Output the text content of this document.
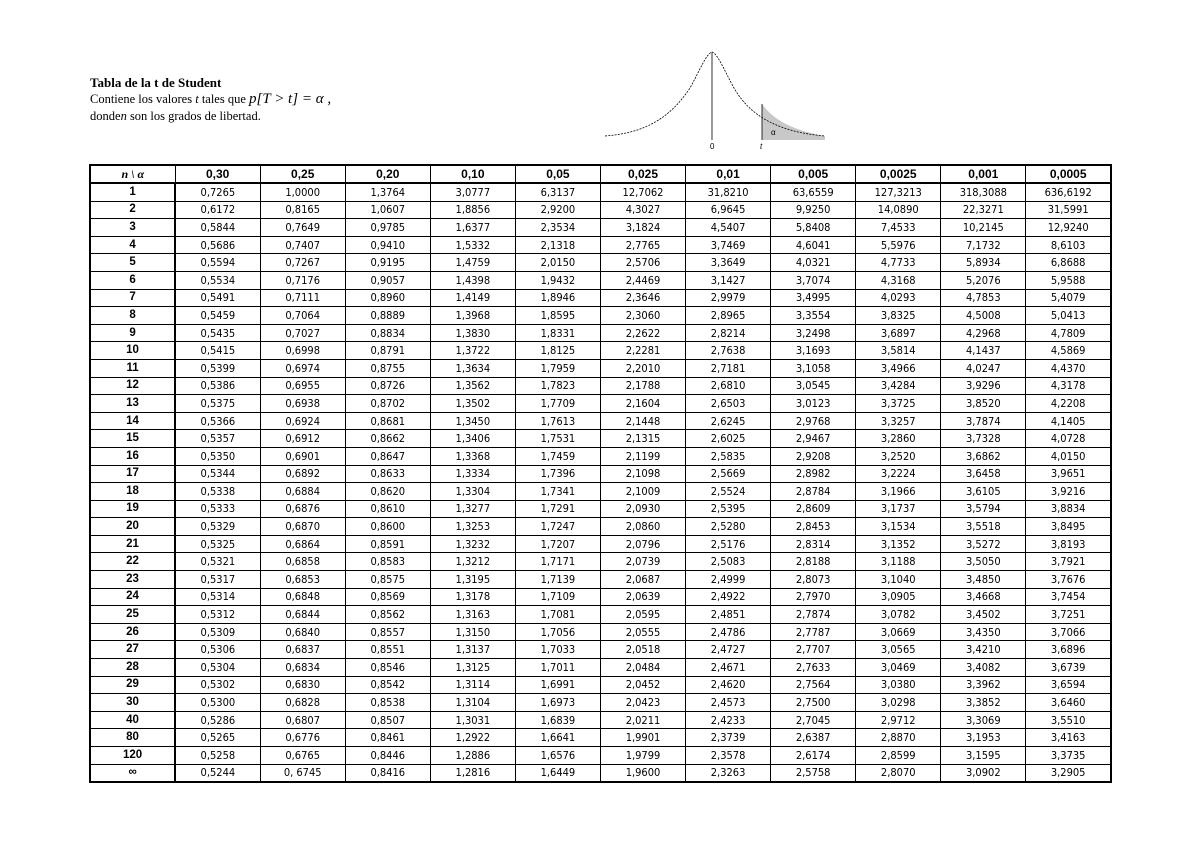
Tabla de la t de Student
Contiene los valores t tales que p[T > t] = α ,
donden son los grados de libertad.
0	t
α
n \ α	0,30	0,25	0,20	0,10	0,05	0,025	0,01	0,005	0,0025	0,001	0,0005
1	0,7265	1,0000	1,3764	3,0777	6,3137	12,7062	31,8210	63,6559	127,3213	318,3088	636,6192
2	0,6172	0,8165	1,0607	1,8856	2,9200	4,3027	6,9645	9,9250	14,0890	22,3271	31,5991
3	0,5844	0,7649	0,9785	1,6377	2,3534	3,1824	4,5407	5,8408	7,4533	10,2145	12,9240
4	0,5686	0,7407	0,9410	1,5332	2,1318	2,7765	3,7469	4,6041	5,5976	7,1732	8,6103
5	0,5594	0,7267	0,9195	1,4759	2,0150	2,5706	3,3649	4,0321	4,7733	5,8934	6,8688
6	0,5534	0,7176	0,9057	1,4398	1,9432	2,4469	3,1427	3,7074	4,3168	5,2076	5,9588
7	0,5491	0,7111	0,8960	1,4149	1,8946	2,3646	2,9979	3,4995	4,0293	4,7853	5,4079
8	0,5459	0,7064	0,8889	1,3968	1,8595	2,3060	2,8965	3,3554	3,8325	4,5008	5,0413
9	0,5435	0,7027	0,8834	1,3830	1,8331	2,2622	2,8214	3,2498	3,6897	4,2968	4,7809
10	0,5415	0,6998	0,8791	1,3722	1,8125	2,2281	2,7638	3,1693	3,5814	4,1437	4,5869
11	0,5399	0,6974	0,8755	1,3634	1,7959	2,2010	2,7181	3,1058	3,4966	4,0247	4,4370
12	0,5386	0,6955	0,8726	1,3562	1,7823	2,1788	2,6810	3,0545	3,4284	3,9296	4,3178
13	0,5375	0,6938	0,8702	1,3502	1,7709	2,1604	2,6503	3,0123	3,3725	3,8520	4,2208
14	0,5366	0,6924	0,8681	1,3450	1,7613	2,1448	2,6245	2,9768	3,3257	3,7874	4,1405
15	0,5357	0,6912	0,8662	1,3406	1,7531	2,1315	2,6025	2,9467	3,2860	3,7328	4,0728
16	0,5350	0,6901	0,8647	1,3368	1,7459	2,1199	2,5835	2,9208	3,2520	3,6862	4,0150
17	0,5344	0,6892	0,8633	1,3334	1,7396	2,1098	2,5669	2,8982	3,2224	3,6458	3,9651
18	0,5338	0,6884	0,8620	1,3304	1,7341	2,1009	2,5524	2,8784	3,1966	3,6105	3,9216
19	0,5333	0,6876	0,8610	1,3277	1,7291	2,0930	2,5395	2,8609	3,1737	3,5794	3,8834
20	0,5329	0,6870	0,8600	1,3253	1,7247	2,0860	2,5280	2,8453	3,1534	3,5518	3,8495
21	0,5325	0,6864	0,8591	1,3232	1,7207	2,0796	2,5176	2,8314	3,1352	3,5272	3,8193
22	0,5321	0,6858	0,8583	1,3212	1,7171	2,0739	2,5083	2,8188	3,1188	3,5050	3,7921
23	0,5317	0,6853	0,8575	1,3195	1,7139	2,0687	2,4999	2,8073	3,1040	3,4850	3,7676
24	0,5314	0,6848	0,8569	1,3178	1,7109	2,0639	2,4922	2,7970	3,0905	3,4668	3,7454
25	0,5312	0,6844	0,8562	1,3163	1,7081	2,0595	2,4851	2,7874	3,0782	3,4502	3,7251
26	0,5309	0,6840	0,8557	1,3150	1,7056	2,0555	2,4786	2,7787	3,0669	3,4350	3,7066
27	0,5306	0,6837	0,8551	1,3137	1,7033	2,0518	2,4727	2,7707	3,0565	3,4210	3,6896
28	0,5304	0,6834	0,8546	1,3125	1,7011	2,0484	2,4671	2,7633	3,0469	3,4082	3,6739
29	0,5302	0,6830	0,8542	1,3114	1,6991	2,0452	2,4620	2,7564	3,0380	3,3962	3,6594
30	0,5300	0,6828	0,8538	1,3104	1,6973	2,0423	2,4573	2,7500	3,0298	3,3852	3,6460
40	0,5286	0,6807	0,8507	1,3031	1,6839	2,0211	2,4233	2,7045	2,9712	3,3069	3,5510
80	0,5265	0,6776	0,8461	1,2922	1,6641	1,9901	2,3739	2,6387	2,8870	3,1953	3,4163
120	0,5258	0,6765	0,8446	1,2886	1,6576	1,9799	2,3578	2,6174	2,8599	3,1595	3,3735
∞	0,5244	0, 6745	0,8416	1,2816	1,6449	1,9600	2,3263	2,5758	2,8070	3,0902	3,2905
